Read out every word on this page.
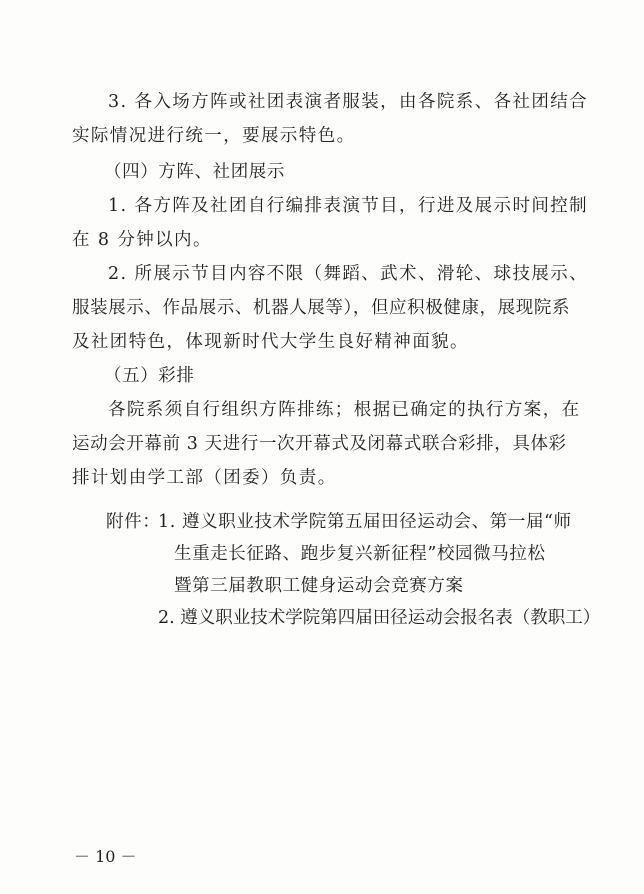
3. 各入场方阵或社团表演者服装，由各院系、各社团结合
实际情况进行统一，要展示特色。
（四）方阵、社团展示
1. 各方阵及社团自行编排表演节目，行进及展示时间控制
在 8 分钟以内。
2. 所展示节目内容不限（舞蹈、武术、滑轮、球技展示、
服装展示、作品展示、机器人展等），但应积极健康，展现院系
及社团特色，体现新时代大学生良好精神面貌。
（五）彩排
各院系须自行组织方阵排练；根据已确定的执行方案，在
运动会开幕前 3 天进行一次开幕式及闭幕式联合彩排，具体彩
排计划由学工部（团委）负责。
附件：
1. 遵义职业技术学院第五届田径运动会、第一届“师
生重走长征路、跑步复兴新征程”校园微马拉松
暨第三届教职工健身运动会竞赛方案
2. 遵义职业技术学院第四届田径运动会报名表（教职工）
－ 10 －
